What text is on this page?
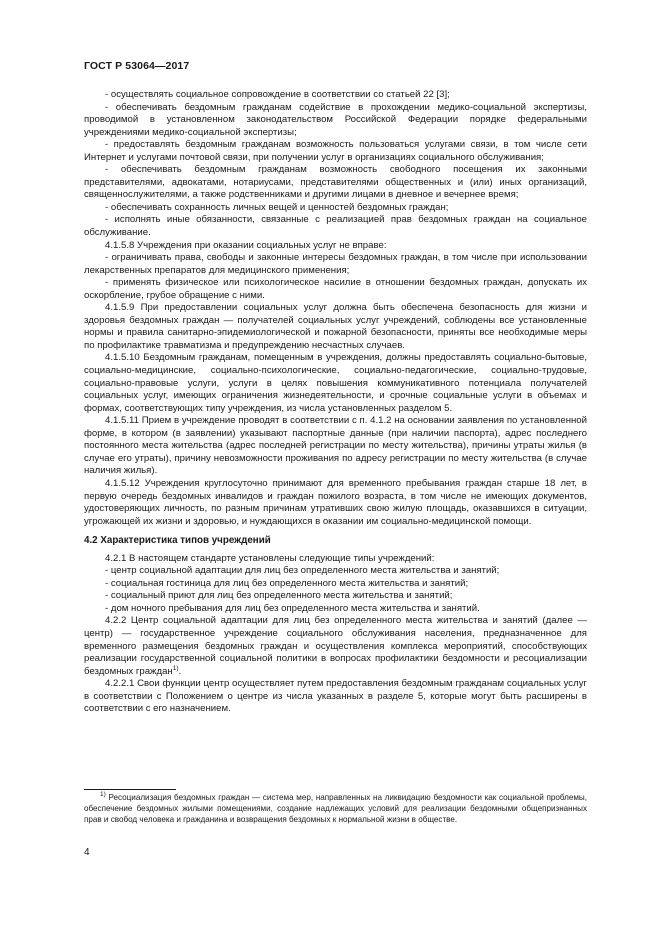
ГОСТ Р 53064—2017

- осуществлять социальное сопровождение в соответствии со статьей 22 [3];

- обеспечивать бездомным гражданам содействие в прохождении медико-социальной экспертизы, проводимой в установленном законодательством Российской Федерации порядке федеральными учреждениями медико-социальной экспертизы;

- предоставлять бездомным гражданам возможность пользоваться услугами связи, в том числе сети Интернет и услугами почтовой связи, при получении услуг в организациях социального обслуживания;

- обеспечивать бездомным гражданам возможность свободного посещения их законными представителями, адвокатами, нотариусами, представителями общественных и (или) иных организаций, священнослужителями, а также родственниками и другими лицами в дневное и вечернее время;

- обеспечивать сохранность личных вещей и ценностей бездомных граждан;

- исполнять иные обязанности, связанные с реализацией прав бездомных граждан на социальное обслуживание.

4.1.5.8 Учреждения при оказании социальных услуг не вправе:

- ограничивать права, свободы и законные интересы бездомных граждан, в том числе при использовании лекарственных препаратов для медицинского применения;

- применять физическое или психологическое насилие в отношении бездомных граждан, допускать их оскорбление, грубое обращение с ними.

4.1.5.9 При предоставлении социальных услуг должна быть обеспечена безопасность для жизни и здоровья бездомных граждан — получателей социальных услуг учреждений, соблюдены все установленные нормы и правила санитарно-эпидемиологической и пожарной безопасности, приняты все необходимые меры по профилактике травматизма и предупреждению несчастных случаев.

4.1.5.10 Бездомным гражданам, помещенным в учреждения, должны предоставлять социально-бытовые, социально-медицинские, социально-психологические, социально-педагогические, социально-трудовые, социально-правовые услуги, услуги в целях повышения коммуникативного потенциала получателей социальных услуг, имеющих ограничения жизнедеятельности, и срочные социальные услуги в объемах и формах, соответствующих типу учреждения, из числа установленных разделом 5.

4.1.5.11 Прием в учреждение проводят в соответствии с п. 4.1.2 на основании заявления по установленной форме, в котором (в заявлении) указывают паспортные данные (при наличии паспорта), адрес последнего постоянного места жительства (адрес последней регистрации по месту жительства), причины утраты жилья (в случае его утраты), причину невозможности проживания по адресу регистрации по месту жительства (в случае наличия жилья).

4.1.5.12 Учреждения круглосуточно принимают для временного пребывания граждан старше 18 лет, в первую очередь бездомных инвалидов и граждан пожилого возраста, в том числе не имеющих документов, удостоверяющих личность, по разным причинам утративших свою жилую площадь, оказавшихся в ситуации, угрожающей их жизни и здоровью, и нуждающихся в оказании им социально-медицинской помощи.

4.2 Характеристика типов учреждений

4.2.1 В настоящем стандарте установлены следующие типы учреждений:

- центр социальной адаптации для лиц без определенного места жительства и занятий;

- социальная гостиница для лиц без определенного места жительства и занятий;

- социальный приют для лиц без определенного места жительства и занятий;

- дом ночного пребывания для лиц без определенного места жительства и занятий.

4.2.2 Центр социальной адаптации для лиц без определенного места жительства и занятий (далее — центр) — государственное учреждение социального обслуживания населения, предназначенное для временного размещения бездомных граждан и осуществления комплекса мероприятий, способствующих реализации государственной социальной политики в вопросах профилактики бездомности и ресоциализации бездомных граждан$^{1)}$.

4.2.2.1 Свои функции центр осуществляет путем предоставления бездомным гражданам социальных услуг в соответствии с Положением о центре из числа указанных в разделе 5, которые могут быть расширены в соответствии с его назначением.

$^{1)}$ Ресоциализация бездомных граждан — система мер, направленных на ликвидацию бездомности как социальной проблемы, обеспечение бездомных жилыми помещениями, создание надлежащих условий для реализации бездомными общепризнанных прав и свобод человека и гражданина и возвращения бездомных к нормальной жизни в обществе.

4
